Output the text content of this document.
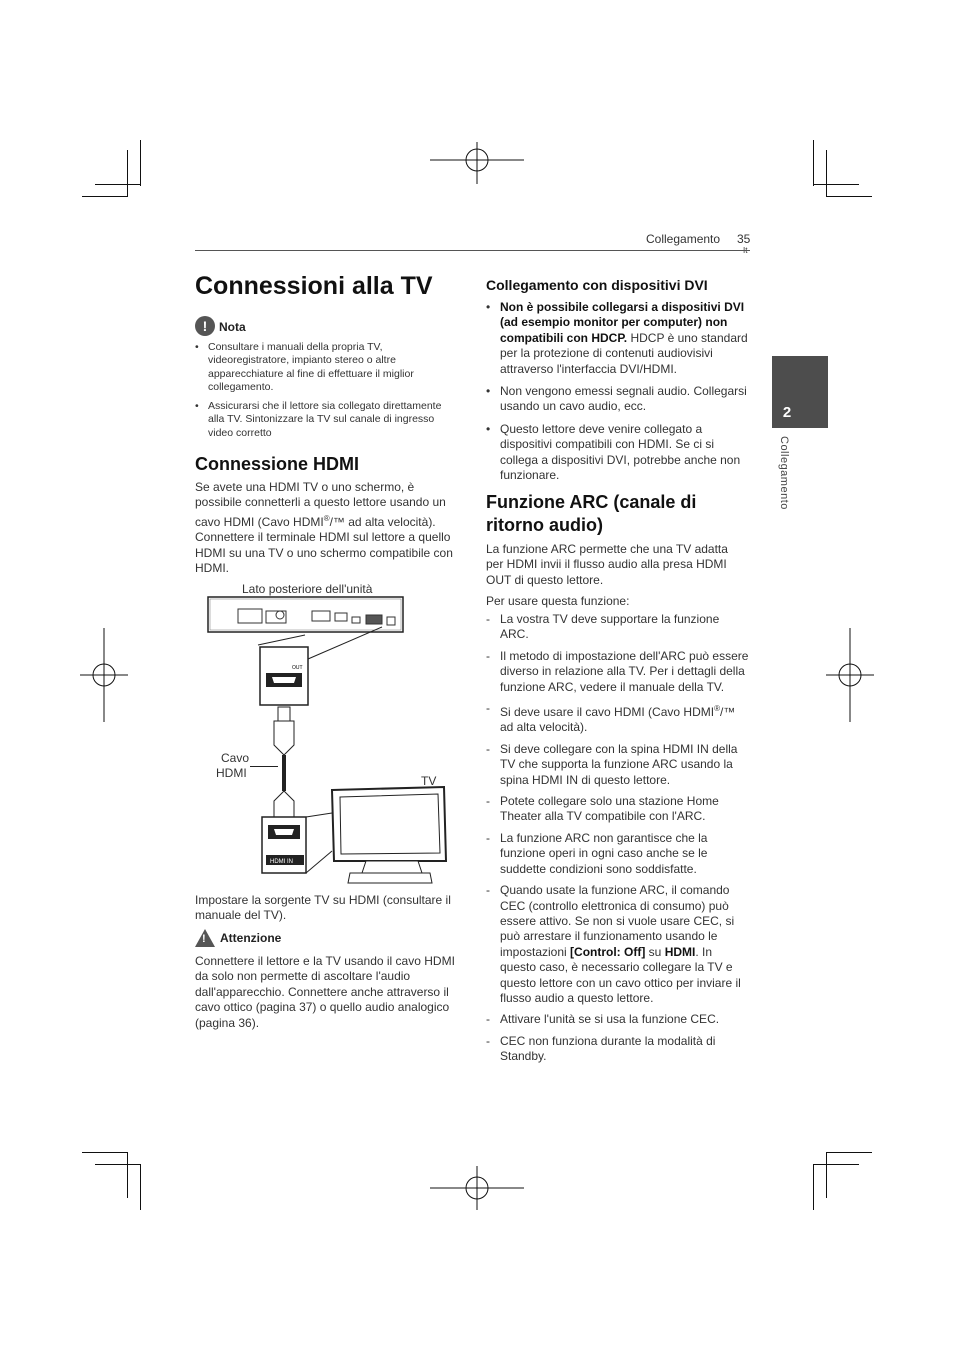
Collegamento 35
2
Collegamento
Connessioni alla TV
! Nota

• Consultare i manuali della propria TV, videoregistratore, impianto stereo o altre apparecchiature al fine di effettuare il miglior collegamento.

• Assicurarsi che il lettore sia collegato direttamente alla TV. Sintonizzare la TV sul canale di ingresso video corretto

Connessione HDMI

Se avete una HDMI TV o uno schermo, è possibile connetterli a questo lettore usando un cavo HDMI (Cavo HDMI®/™ ad alta velocità). Connettere il terminale HDMI sul lettore a quello HDMI su una TV o uno schermo compatibile con HDMI.

Lato posteriore dell'unità
OUT
HDMI IN
Cavo
HDMI
TV

Impostare la sorgente TV su HDMI (consultare il manuale del TV).

! Attenzione

Connettere il lettore e la TV usando il cavo HDMI da solo non permette di ascoltare l'audio dall'apparecchio. Connettere anche attraverso il cavo ottico (pagina 37) o quello audio analogico (pagina 36).

Collegamento con dispositivi DVI

• Non è possibile collegarsi a dispositivi DVI (ad esempio monitor per computer) non compatibili con HDCP. HDCP è uno standard per la protezione di contenuti audiovisivi attraverso l'interfaccia DVI/HDMI.

• Non vengono emessi segnali audio. Collegarsi usando un cavo audio, ecc.

• Questo lettore deve venire collegato a dispositivi compatibili con HDMI. Se ci si collega a dispositivi DVI, potrebbe anche non funzionare.

Funzione ARC (canale di
ritorno audio)

La funzione ARC permette che una TV adatta per HDMI invii il flusso audio alla presa HDMI OUT di questo lettore.

Per usare questa funzione:

- La vostra TV deve supportare la funzione ARC.

- Il metodo di impostazione dell'ARC può essere diverso in relazione alla TV. Per i dettagli della funzione ARC, vedere il manuale della TV.

- Si deve usare il cavo HDMI (Cavo HDMI®/™ ad alta velocità).

- Si deve collegare con la spina HDMI IN della TV che supporta la funzione ARC usando la spina HDMI IN di questo lettore.

- Potete collegare solo una stazione Home Theater alla TV compatibile con l'ARC.

- La funzione ARC non garantisce che la funzione operi in ogni caso anche se le suddette condizioni sono soddisfatte.

- Quando usate la funzione ARC, il comando CEC (controllo elettronica di consumo) può essere attivo. Se non si vuole usare CEC, si può arrestare il funzionamento usando le impostazioni [Control: Off] su HDMI. In questo caso, è necessario collegare la TV e questo lettore con un cavo ottico per inviare il flusso audio a questo lettore.

- Attivare l'unità se si usa la funzione CEC.

- CEC non funziona durante la modalità di Standby.
